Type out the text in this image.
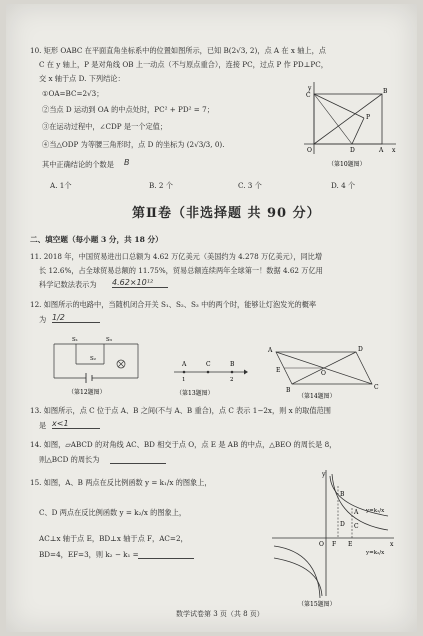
10. 矩形 OABC 在平面直角坐标系中的位置如图所示，已知 B(2√3, 2)，点 A 在 x 轴上，点
C 在 y 轴上，P 是对角线 OB 上一动点（不与原点重合），连接 PC，过点 P 作 PD⊥PC，
交 x 轴于点 D. 下列结论：
①OA=BC=2√3；
②当点 D 运动到 OA 的中点处时，PC² + PD² = 7；
③在运动过程中，∠CDP 是一个定值；
④当△ODP 为等腰三角形时，点 D 的坐标为 (2√3/3, 0).
其中正确结论的个数是 B
A. 1个	B. 2 个	C. 3 个	D. 4 个
y
C
B
P
O	D	A x
（第10题图）
第Ⅱ卷（非选择题 共 90 分）
二、填空题（每小题 3 分，共 18 分）
11. 2018 年，中国贸易进出口总额为 4.62 万亿美元（美国约为 4.278 万亿美元），同比增
长 12.6%，占全球贸易总额的 11.75%，贸易总额连续两年全球第一！数据 4.62 万亿用
科学记数法表示为 4.62×10¹²
12. 如图所示的电路中，当随机闭合开关 S₁、S₂、S₃ 中的两个时，能够让灯泡发光的概率
为 1/2
S₁
S₂
S₃
（第12题图）
A	C	B
1	2
（第13题图）
A	D
C
B
E	O
（第14题图）
13. 如图所示，点 C 位于点 A、B 之间(不与 A、B 重合)，点 C 表示 1−2x，则 x 的取值范围
是 x<1
14. 如图，▱ABCD 的对角线 AC、BD 相交于点 O，点 E 是 AB 的中点，△BEO 的周长是 8，
则△BCD 的周长为
15. 如图，A、B 两点在反比例函数 y = k₁/x 的图象上，
C、D 两点在反比例函数 y = k₂/x 的图象上，
AC⊥x 轴于点 E，BD⊥x 轴于点 F，AC=2，
BD=4，EF=3，则 k₂ − k₁ =
y
x
O F E
B
A
D C
y=k₁/x
y=k₂/x
（第15题图）
数学试卷第 3 页（共 8 页）
